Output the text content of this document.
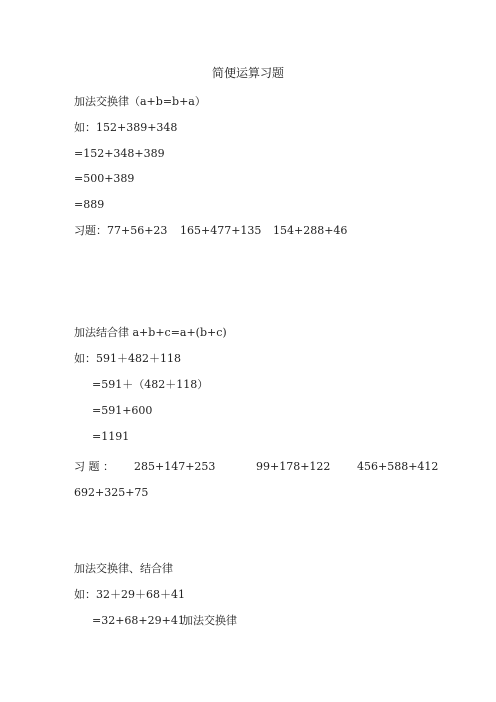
简便运算习题
加法交换律（a+b=b+a）
如：152+389+348
=152+348+389
=500+389
=889
习题：77+56+23 165+477+135 154+288+46
加法结合律 a+b+c=a+(b+c)
如：591＋482＋118
=591＋（482＋118）
=591+600
=1191
习 题 ： 285+147+253	99+178+122 456+588+412
692+325+75
加法交换律、结合律
如：32＋29＋68＋41
=32+68+29+41
加法交换律
